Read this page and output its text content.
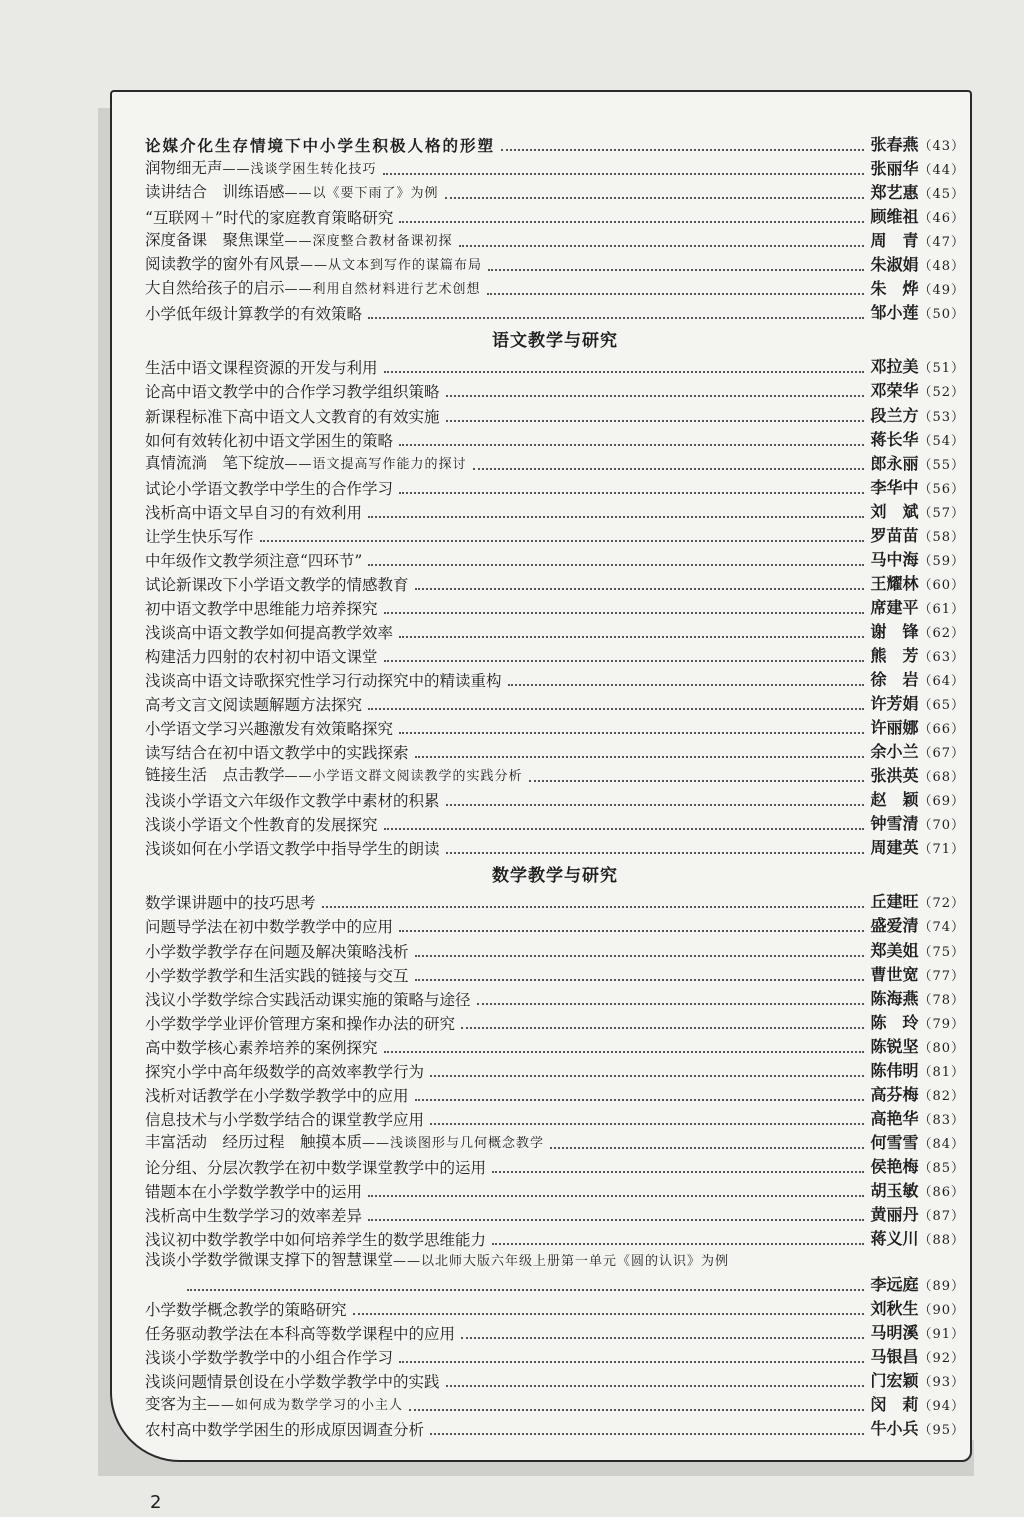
论媒介化生存情境下中小学生积极人格的形塑	张春燕（43）
润物细无声——浅谈学困生转化技巧	张丽华（44）
读讲结合　训练语感——以《要下雨了》为例	郑艺惠（45）
“互联网＋”时代的家庭教育策略研究	顾维祖（46）
深度备课　聚焦课堂——深度整合教材备课初探	周　青（47）
阅读教学的窗外有风景——从文本到写作的谋篇布局	朱淑娟（48）
大自然给孩子的启示——利用自然材料进行艺术创想	朱　烨（49）
小学低年级计算教学的有效策略	邹小莲（50）
语文教学与研究
生活中语文课程资源的开发与利用	邓拉美（51）
论高中语文教学中的合作学习教学组织策略	邓荣华（52）
新课程标准下高中语文人文教育的有效实施	段兰方（53）
如何有效转化初中语文学困生的策略	蒋长华（54）
真情流淌　笔下绽放——语文提高写作能力的探讨	郎永丽（55）
试论小学语文教学中学生的合作学习	李华中（56）
浅析高中语文早自习的有效利用	刘　斌（57）
让学生快乐写作	罗苗苗（58）
中年级作文教学须注意“四环节”	马中海（59）
试论新课改下小学语文教学的情感教育	王耀林（60）
初中语文教学中思维能力培养探究	席建平（61）
浅谈高中语文教学如何提高教学效率	谢　锋（62）
构建活力四射的农村初中语文课堂	熊　芳（63）
浅谈高中语文诗歌探究性学习行动探究中的精读重构	徐　岩（64）
高考文言文阅读题解题方法探究	许芳娟（65）
小学语文学习兴趣激发有效策略探究	许丽娜（66）
读写结合在初中语文教学中的实践探索	余小兰（67）
链接生活　点击教学——小学语文群文阅读教学的实践分析	张洪英（68）
浅谈小学语文六年级作文教学中素材的积累	赵　颖（69）
浅谈小学语文个性教育的发展探究	钟雪清（70）
浅谈如何在小学语文教学中指导学生的朗读	周建英（71）
数学教学与研究
数学课讲题中的技巧思考	丘建旺（72）
问题导学法在初中数学教学中的应用	盛爱清（74）
小学数学教学存在问题及解决策略浅析	郑美姐（75）
小学数学教学和生活实践的链接与交互	曹世宽（77）
浅议小学数学综合实践活动课实施的策略与途径	陈海燕（78）
小学数学学业评价管理方案和操作办法的研究	陈　玲（79）
高中数学核心素养培养的案例探究	陈锐坚（80）
探究小学中高年级数学的高效率教学行为	陈伟明（81）
浅析对话教学在小学数学教学中的应用	高芬梅（82）
信息技术与小学数学结合的课堂教学应用	高艳华（83）
丰富活动　经历过程　触摸本质——浅谈图形与几何概念教学	何雪雪（84）
论分组、分层次教学在初中数学课堂教学中的运用	侯艳梅（85）
错题本在小学数学教学中的运用	胡玉敏（86）
浅析高中生数学学习的效率差异	黄丽丹（87）
浅议初中数学教学中如何培养学生的数学思维能力	蒋义川（88）
浅谈小学数学微课支撑下的智慧课堂——以北师大版六年级上册第一单元《圆的认识》为例
李远庭（89）
小学数学概念教学的策略研究	刘秋生（90）
任务驱动教学法在本科高等数学课程中的应用	马明溪（91）
浅谈小学数学教学中的小组合作学习	马银昌（92）
浅谈问题情景创设在小学数学教学中的实践	门宏颖（93）
变客为主——如何成为数学学习的小主人	闵　莉（94）
农村高中数学学困生的形成原因调查分析	牛小兵（95）
2
